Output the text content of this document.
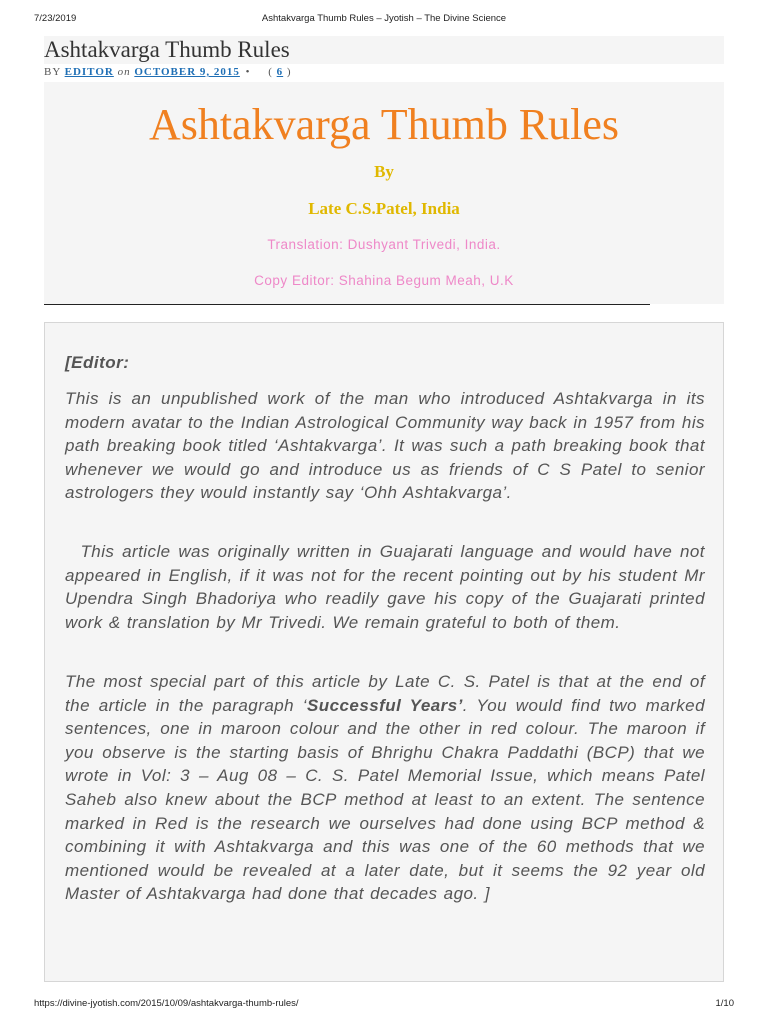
7/23/2019	Ashtakvarga Thumb Rules – Jyotish – The Divine Science
Ashtakvarga Thumb Rules
BY EDITOR on OCTOBER 9, 2015 • ( 6 )
Ashtakvarga Thumb Rules
By
Late C.S.Patel, India
Translation: Dushyant Trivedi, India.
Copy Editor: Shahina Begum Meah, U.K
[Editor:

This is an unpublished work of the man who introduced Ashtakvarga in its modern avatar to the Indian Astrological Community way back in 1957 from his path breaking book titled ‘Ashtakvarga’. It was such a path breaking book that whenever we would go and introduce us as friends of C S Patel to senior astrologers they would instantly say ‘Ohh Ashtakvarga’.

This article was originally written in Guajarati language and would have not appeared in English, if it was not for the recent pointing out by his student Mr Upendra Singh Bhadoriya who readily gave his copy of the Guajarati printed work & translation by Mr Trivedi. We remain grateful to both of them.

The most special part of this article by Late C. S. Patel is that at the end of the article in the paragraph ‘Successful Years’. You would find two marked sentences, one in maroon colour and the other in red colour. The maroon if you observe is the starting basis of Bhrighu Chakra Paddathi (BCP) that we wrote in Vol: 3 – Aug 08 – C. S. Patel Memorial Issue, which means Patel Saheb also knew about the BCP method at least to an extent. The sentence marked in Red is the research we ourselves had done using BCP method & combining it with Ashtakvarga and this was one of the 60 methods that we mentioned would be revealed at a later date, but it seems the 92 year old Master of Ashtakvarga had done that decades ago. ]

https://divine-jyotish.com/2015/10/09/ashtakvarga-thumb-rules/	1/10
